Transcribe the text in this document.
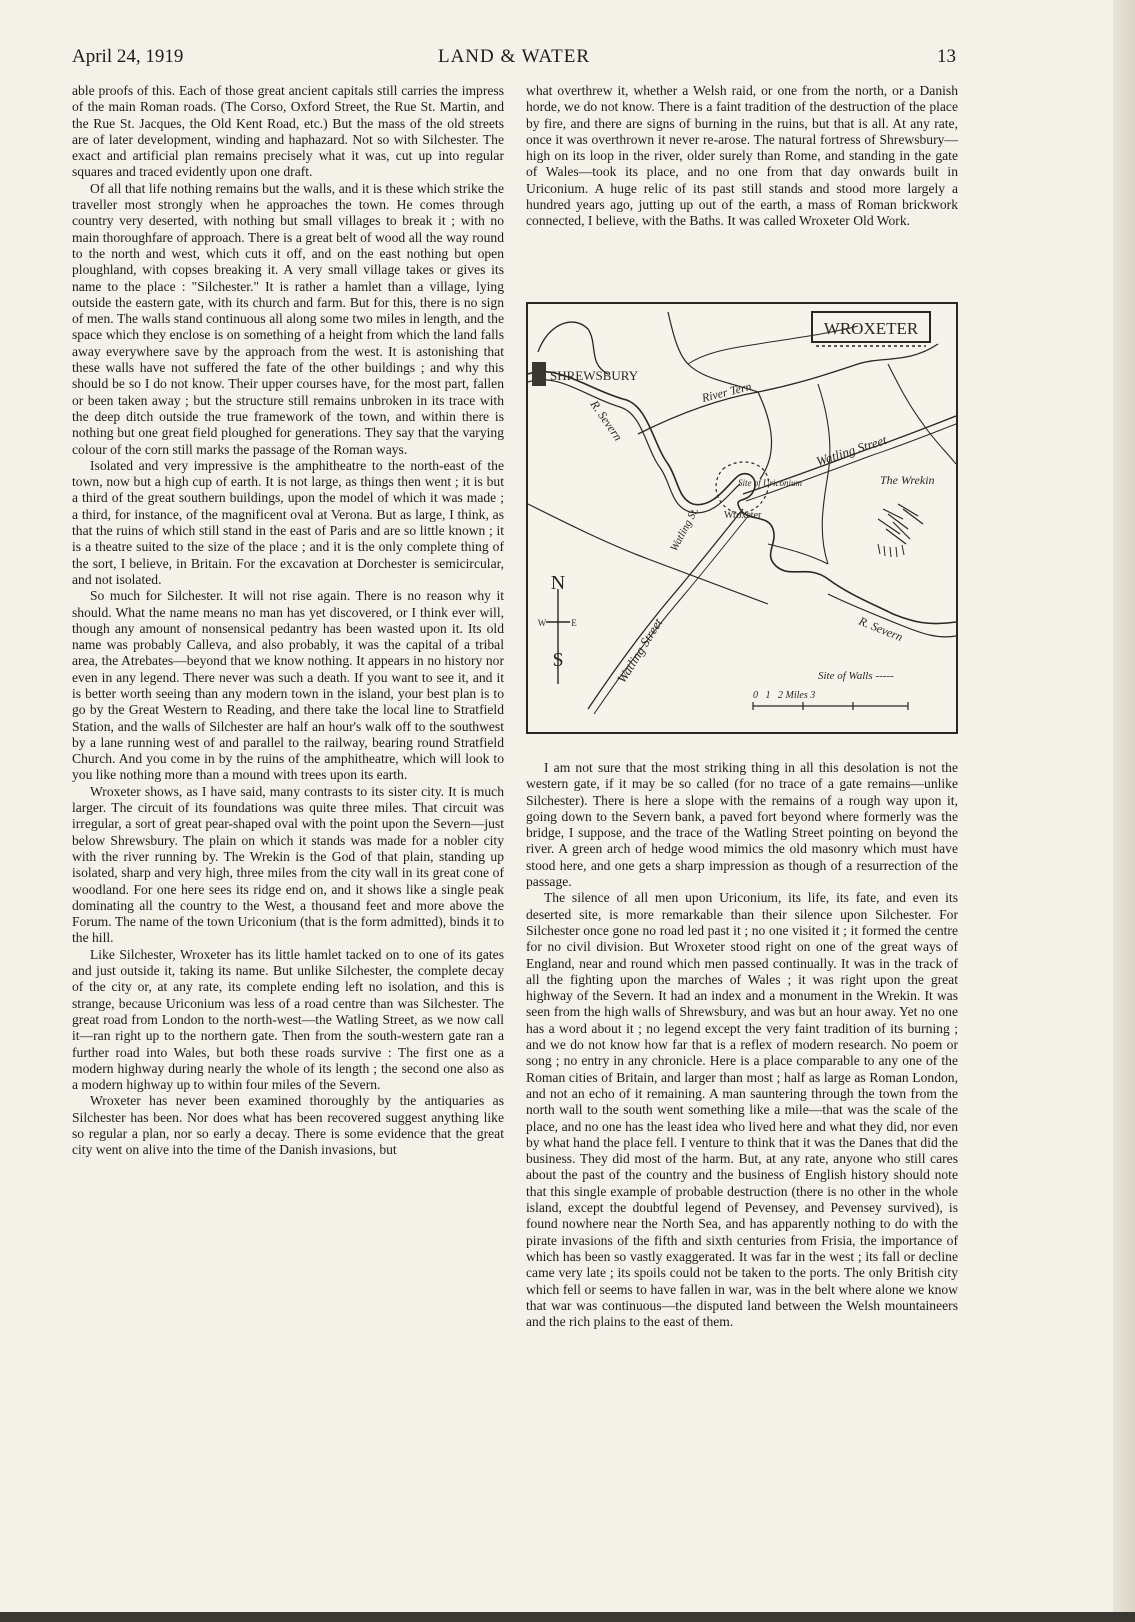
April 24, 1919	LAND & WATER	13

able proofs of this. Each of those great ancient capitals still carries the impress of the main Roman roads. (The Corso, Oxford Street, the Rue St. Martin, and the Rue St. Jacques, the Old Kent Road, etc.) But the mass of the old streets are of later development, winding and haphazard. Not so with Silchester. The exact and artificial plan remains precisely what it was, cut up into regular squares and traced evidently upon one draft.

Of all that life nothing remains but the walls, and it is these which strike the traveller most strongly when he approaches the town. He comes through country very deserted, with nothing but small villages to break it ; with no main thoroughfare of approach. There is a great belt of wood all the way round to the north and west, which cuts it off, and on the east nothing but open ploughland, with copses breaking it. A very small village takes or gives its name to the place : "Silchester." It is rather a hamlet than a village, lying outside the eastern gate, with its church and farm. But for this, there is no sign of men. The walls stand continuous all along some two miles in length, and the space which they enclose is on something of a height from which the land falls away everywhere save by the approach from the west. It is astonishing that these walls have not suffered the fate of the other buildings ; and why this should be so I do not know. Their upper courses have, for the most part, fallen or been taken away ; but the structure still remains unbroken in its trace with the deep ditch outside the true framework of the town, and within there is nothing but one great field ploughed for generations. They say that the varying colour of the corn still marks the passage of the Roman ways.

Isolated and very impressive is the amphitheatre to the north-east of the town, now but a high cup of earth. It is not large, as things then went ; it is but a third of the great southern buildings, upon the model of which it was made ; a third, for instance, of the magnificent oval at Verona. But as large, I think, as that the ruins of which still stand in the east of Paris and are so little known ; it is a theatre suited to the size of the place ; and it is the only complete thing of the sort, I believe, in Britain. For the excavation at Dorchester is semicircular, and not isolated.

So much for Silchester. It will not rise again. There is no reason why it should. What the name means no man has yet discovered, or I think ever will, though any amount of nonsensical pedantry has been wasted upon it. Its old name was probably Calleva, and also probably, it was the capital of a tribal area, the Atrebates—beyond that we know nothing. It appears in no history nor even in any legend. There never was such a death. If you want to see it, and it is better worth seeing than any modern town in the island, your best plan is to go by the Great Western to Reading, and there take the local line to Stratfield Station, and the walls of Silchester are half an hour's walk off to the southwest by a lane running west of and parallel to the railway, bearing round Stratfield Church. And you come in by the ruins of the amphitheatre, which will look to you like nothing more than a mound with trees upon its earth.

Wroxeter shows, as I have said, many contrasts to its sister city. It is much larger. The circuit of its foundations was quite three miles. That circuit was irregular, a sort of great pear-shaped oval with the point upon the Severn—just below Shrewsbury. The plain on which it stands was made for a nobler city with the river running by. The Wrekin is the God of that plain, standing up isolated, sharp and very high, three miles from the city wall in its great cone of woodland. For one here sees its ridge end on, and it shows like a single peak dominating all the country to the West, a thousand feet and more above the Forum. The name of the town Uriconium (that is the form admitted), binds it to the hill.

Like Silchester, Wroxeter has its little hamlet tacked on to one of its gates and just outside it, taking its name. But unlike Silchester, the complete decay of the city or, at any rate, its complete ending left no isolation, and this is strange, because Uriconium was less of a road centre than was Silchester. The great road from London to the north-west—the Watling Street, as we now call it—ran right up to the northern gate. Then from the south-western gate ran a further road into Wales, but both these roads survive : The first one as a modern highway during nearly the whole of its length ; the second one also as a modern highway up to within four miles of the Severn.

Wroxeter has never been examined thoroughly by the antiquaries as Silchester has been. Nor does what has been recovered suggest anything like so regular a plan, nor so early a decay. There is some evidence that the great city went on alive into the time of the Danish invasions, but

what overthrew it, whether a Welsh raid, or one from the north, or a Danish horde, we do not know. There is a faint tradition of the destruction of the place by fire, and there are signs of burning in the ruins, but that is all. At any rate, once it was overthrown it never re-arose. The natural fortress of Shrewsbury—high on its loop in the river, older surely than Rome, and standing in the gate of Wales—took its place, and no one from that day onwards built in Uriconium. A huge relic of its past still stands and stood more largely a hundred years ago, jutting up out of the earth, a mass of Roman brickwork connected, I believe, with the Baths. It was called Wroxeter Old Work.

WROXETER
N
W	E
S
SHREWSBURY
R. Severn
River Tern
Watling Street
The Wrekin
Site of Uriconium
Wroxeter
Watling St.
Watling Street	R. Severn
Site of Walls -----
0   1   2 Miles 3

I am not sure that the most striking thing in all this desolation is not the western gate, if it may be so called (for no trace of a gate remains—unlike Silchester). There is here a slope with the remains of a rough way upon it, going down to the Severn bank, a paved fort beyond where formerly was the bridge, I suppose, and the trace of the Watling Street pointing on beyond the river. A green arch of hedge wood mimics the old masonry which must have stood here, and one gets a sharp impression as though of a resurrection of the passage.

The silence of all men upon Uriconium, its life, its fate, and even its deserted site, is more remarkable than their silence upon Silchester. For Silchester once gone no road led past it ; no one visited it ; it formed the centre for no civil division. But Wroxeter stood right on one of the great ways of England, near and round which men passed continually. It was in the track of all the fighting upon the marches of Wales ; it was right upon the great highway of the Severn. It had an index and a monument in the Wrekin. It was seen from the high walls of Shrewsbury, and was but an hour away. Yet no one has a word about it ; no legend except the very faint tradition of its burning ; and we do not know how far that is a reflex of modern research. No poem or song ; no entry in any chronicle. Here is a place comparable to any one of the Roman cities of Britain, and larger than most ; half as large as Roman London, and not an echo of it remaining. A man sauntering through the town from the north wall to the south went something like a mile—that was the scale of the place, and no one has the least idea who lived here and what they did, nor even by what hand the place fell. I venture to think that it was the Danes that did the business. They did most of the harm. But, at any rate, anyone who still cares about the past of the country and the business of English history should note that this single example of probable destruction (there is no other in the whole island, except the doubtful legend of Pevensey, and Pevensey survived), is found nowhere near the North Sea, and has apparently nothing to do with the pirate invasions of the fifth and sixth centuries from Frisia, the importance of which has been so vastly exaggerated. It was far in the west ; its fall or decline came very late ; its spoils could not be taken to the ports. The only British city which fell or seems to have fallen in war, was in the belt where alone we know that war was continuous—the disputed land between the Welsh mountaineers and the rich plains to the east of them.
